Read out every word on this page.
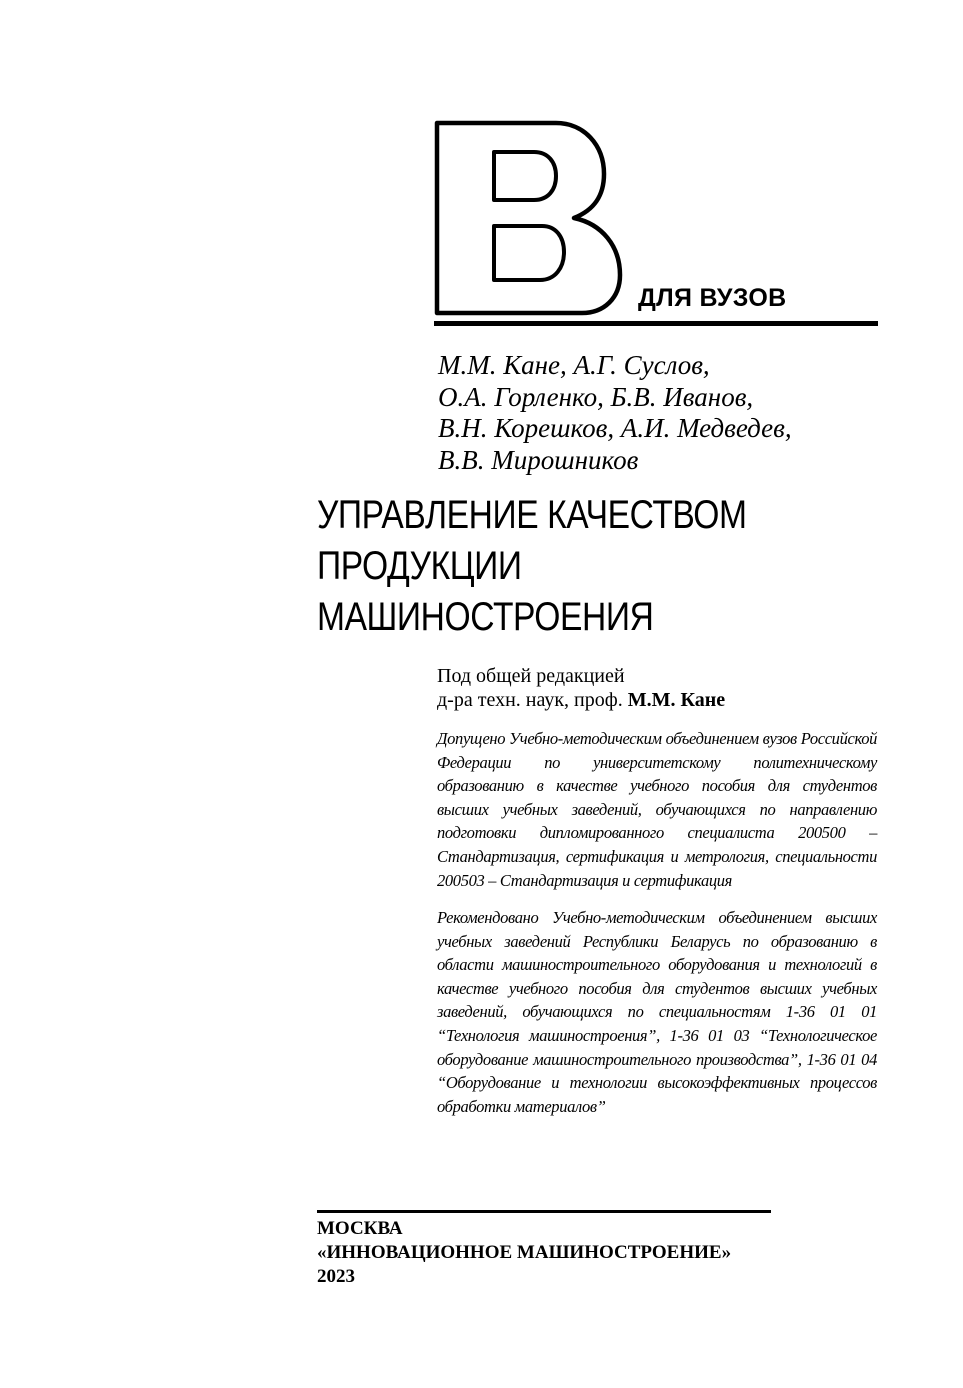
ДЛЯ ВУЗОВ
М.М. Кане, А.Г. Суслов,
О.А. Горленко, Б.В. Иванов,
В.Н. Корешков, А.И. Медведев,
В.В. Мирошников
УПРАВЛЕНИЕ КАЧЕСТВОМ
ПРОДУКЦИИ
МАШИНОСТРОЕНИЯ
Под общей редакцией
д-ра техн. наук, проф. М.М. Кане
Допущено Учебно-методическим объединением вузов Российской Федерации по университетскому политехническому образованию в качестве учебного пособия для студентов высших учебных заведений, обучающихся по направлению подготовки дипломированного специалиста 200500 – Стандартизация, сертификация и метрология, специальности 200503 – Стандартизация и сертификация
Рекомендовано Учебно-методическим объединением высших учебных заведений Республики Беларусь по образованию в области машиностроительного оборудования и технологий в качестве учебного пособия для студентов высших учебных заведений, обучающихся по специальностям 1-36 01 01 “Технология машиностроения”, 1-36 01 03 “Технологическое оборудование машиностроительного производства”, 1-36 01 04 “Оборудование и технологии высокоэффективных процессов обработки материалов”
МОСКВА
«ИННОВАЦИОННОЕ МАШИНОСТРОЕНИЕ»
2023
